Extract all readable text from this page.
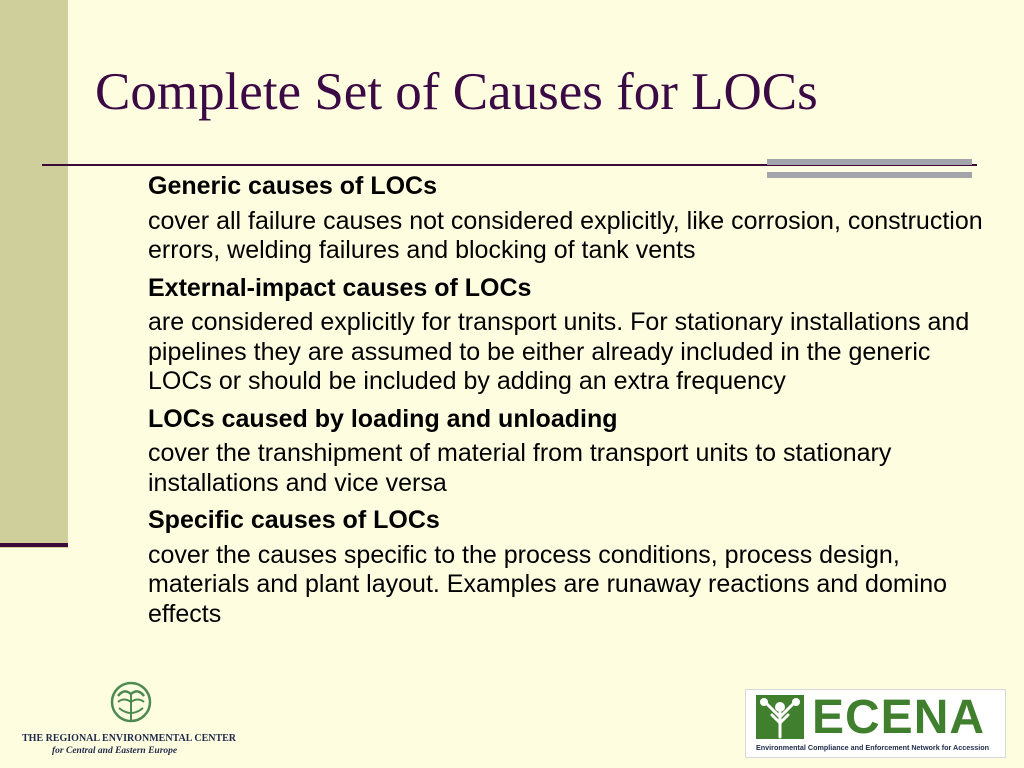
Complete Set of Causes for LOCs
Generic causes of LOCs
cover all failure causes not considered explicitly, like corrosion, construction errors, welding failures and blocking of tank vents
External-impact causes of LOCs
are considered explicitly for transport units. For stationary installations and pipelines they are assumed to be either already included in the generic LOCs or should be included by adding an extra frequency
LOCs caused by loading and unloading
cover the transhipment of material from transport units to stationary installations and vice versa
Specific causes of LOCs
cover the causes specific to the process conditions, process design, materials and plant layout. Examples are runaway reactions and domino effects
THE REGIONAL ENVIRONMENTAL CENTER
for Central and Eastern Europe
ECENA
Environmental Compliance and Enforcement Network for Accession
